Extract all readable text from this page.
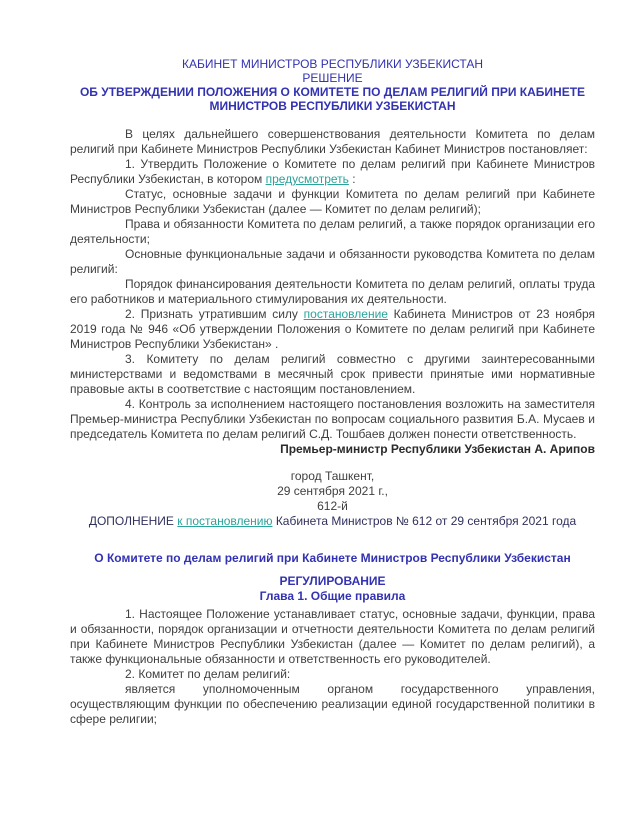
КАБИНЕТ МИНИСТРОВ РЕСПУБЛИКИ УЗБЕКИСТАН

РЕШЕНИЕ

ОБ УТВЕРЖДЕНИИ ПОЛОЖЕНИЯ О КОМИТЕТЕ ПО ДЕЛАМ РЕЛИГИЙ ПРИ КАБИНЕТЕ МИНИСТРОВ РЕСПУБЛИКИ УЗБЕКИСТАН

В целях дальнейшего совершенствования деятельности Комитета по делам религий при Кабинете Министров Республики Узбекистан Кабинет Министров постановляет:

1. Утвердить Положение о Комитете по делам религий при Кабинете Министров Республики Узбекистан, в котором предусмотреть :

Статус, основные задачи и функции Комитета по делам религий при Кабинете Министров Республики Узбекистан (далее — Комитет по делам религий);

Права и обязанности Комитета по делам религий, а также порядок организации его деятельности;

Основные функциональные задачи и обязанности руководства Комитета по делам религий:

Порядок финансирования деятельности Комитета по делам религий, оплаты труда его работников и материального стимулирования их деятельности.

2. Признать утратившим силу постановление Кабинета Министров от 23 ноября 2019 года № 946 «Об утверждении Положения о Комитете по делам религий при Кабинете Министров Республики Узбекистан» .

3. Комитету по делам религий совместно с другими заинтересованными министерствами и ведомствами в месячный срок привести принятые ими нормативные правовые акты в соответствие с настоящим постановлением.

4. Контроль за исполнением настоящего постановления возложить на заместителя Премьер-министра Республики Узбекистан по вопросам социального развития Б.А. Мусаев и председатель Комитета по делам религий С.Д. Тошбаев должен понести ответственность.

Премьер-министр Республики Узбекистан А. Арипов

город Ташкент,

29 сентября 2021 г.,

612-й

ДОПОЛНЕНИЕ к постановлению Кабинета Министров № 612 от 29 сентября 2021 года

О Комитете по делам религий при Кабинете Министров Республики Узбекистан

РЕГУЛИРОВАНИЕ

Глава 1. Общие правила

1. Настоящее Положение устанавливает статус, основные задачи, функции, права и обязанности, порядок организации и отчетности деятельности Комитета по делам религий при Кабинете Министров Республики Узбекистан (далее — Комитет по делам религий), а также функциональные обязанности и ответственность его руководителей.

2. Комитет по делам религий:

является уполномоченным органом государственного управления, осуществляющим функции по обеспечению реализации единой государственной политики в сфере религии;
